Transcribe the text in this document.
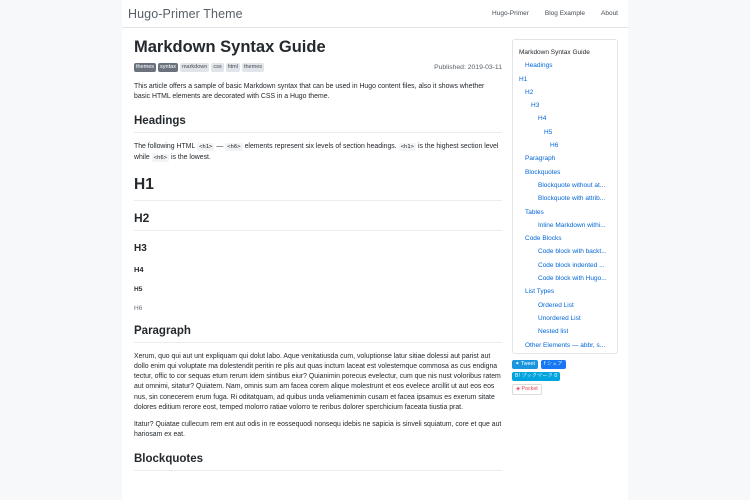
Hugo-Primer Theme	Hugo-Primer Blog Example About
Markdown Syntax Guide
themes	syntax	markdown	css	html	themes	Published: 2019-03-11

This article offers a sample of basic Markdown syntax that can be used in Hugo content files, also it shows whether basic HTML elements are decorated with CSS in a Hugo theme.

Headings

The following HTML <h1> — <h6> elements represent six levels of section headings. <h1> is the highest section level while <h6> is the lowest.

H1
H2
H3
H4
H5
H6
Paragraph

Xerum, quo qui aut unt expliquam qui dolut labo. Aque venitatiusda cum, voluptionse latur sitiae dolessi aut parist aut dollo enim qui voluptate ma dolestendit peritin re plis aut quas inctum laceat est volestemque commosa as cus endigna tectur, offic to cor sequas etum rerum idem sintibus eiur? Quianimin porecus evelectur, cum que nis nust voloribus ratem aut omnimi, sitatur? Quiatem. Nam, omnis sum am facea corem alique molestrunt et eos evelece arcillit ut aut eos eos nus, sin conecerem erum fuga. Ri oditatquam, ad quibus unda veliamenimin cusam et facea ipsamus es exerum sitate dolores editium rerore eost, temped molorro ratiae volorro te reribus dolorer sperchicium faceata tiustia prat.

Itatur? Quiatae cullecum rem ent aut odis in re eossequodi nonsequ idebis ne sapicia is sinveli squiatum, core et que aut hariosam ex eat.

Blockquotes
Markdown Syntax Guide
Headings
H1
H2
H3
H4
H5
H6
Paragraph
Blockquotes
Blockquote without at...
Blockquote with attrib...
Tables
Inline Markdown withi...
Code Blocks
Code block with backt...
Code block indented ...
Code block with Hugo...
List Types
Ordered List
Unordered List
Nested list
Other Elements — abbr, s...
✦ Tweet	f シェア
B! ブックマーク 0
◈ Pocket
